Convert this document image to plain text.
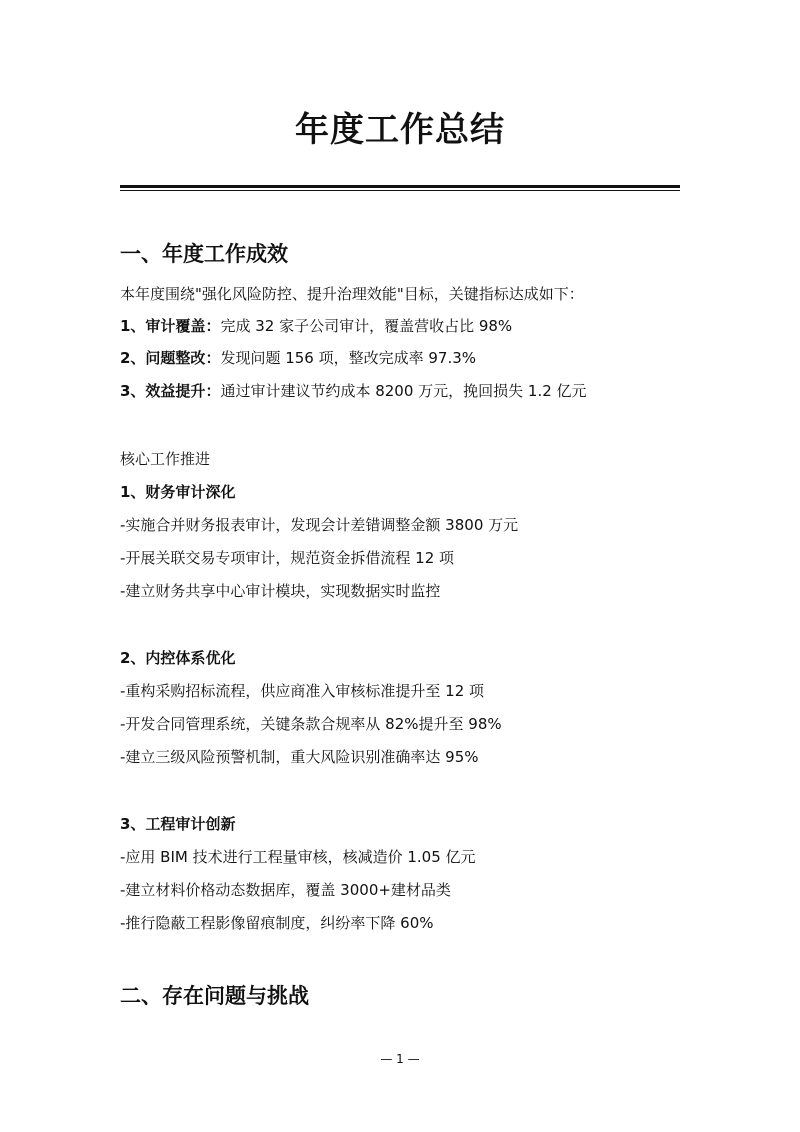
年度工作总结
一、年度工作成效
本年度围绕"强化风险防控、提升治理效能"目标，关键指标达成如下：
1、审计覆盖：完成 32 家子公司审计，覆盖营收占比 98%
2、问题整改：发现问题 156 项，整改完成率 97.3%
3、效益提升：通过审计建议节约成本 8200 万元，挽回损失 1.2 亿元
核心工作推进
1、财务审计深化
-实施合并财务报表审计，发现会计差错调整金额 3800 万元
-开展关联交易专项审计，规范资金拆借流程 12 项
-建立财务共享中心审计模块，实现数据实时监控
2、内控体系优化
-重构采购招标流程，供应商准入审核标准提升至 12 项
-开发合同管理系统，关键条款合规率从 82%提升至 98%
-建立三级风险预警机制，重大风险识别准确率达 95%
3、工程审计创新
-应用 BIM 技术进行工程量审核，核减造价 1.05 亿元
-建立材料价格动态数据库，覆盖 3000+建材品类
-推行隐蔽工程影像留痕制度，纠纷率下降 60%
二、存在问题与挑战
— 1 —
